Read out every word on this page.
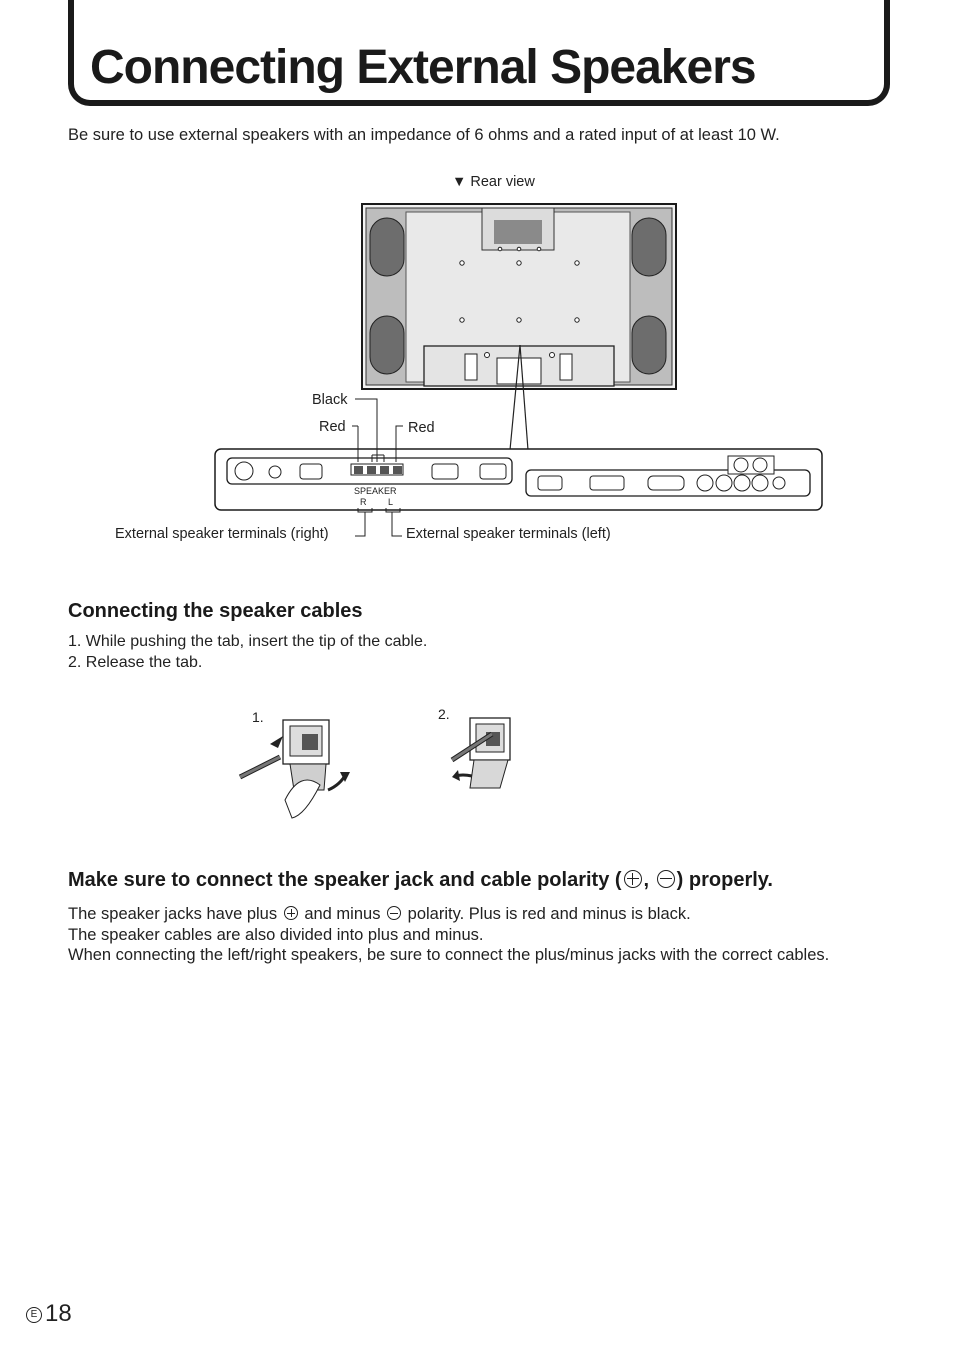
Connecting External Speakers

Be sure to use external speakers with an impedance of 6 ohms and a rated input of at least 10 W.

▼ Rear view
SPEAKER
R L
Black
Red	Red
External speaker terminals (right)	External speaker terminals (left)
Connecting the speaker cables
1. While pushing the tab, insert the tip of the cable.
2. Release the tab.
1.	2.
Make sure to connect the speaker jack and cable polarity ( , ) properly.
The speaker jacks have plus and minus polarity. Plus is red and minus is black.
The speaker cables are also divided into plus and minus.
When connecting the left/right speakers, be sure to connect the plus/minus jacks with the correct cables.
E 18
